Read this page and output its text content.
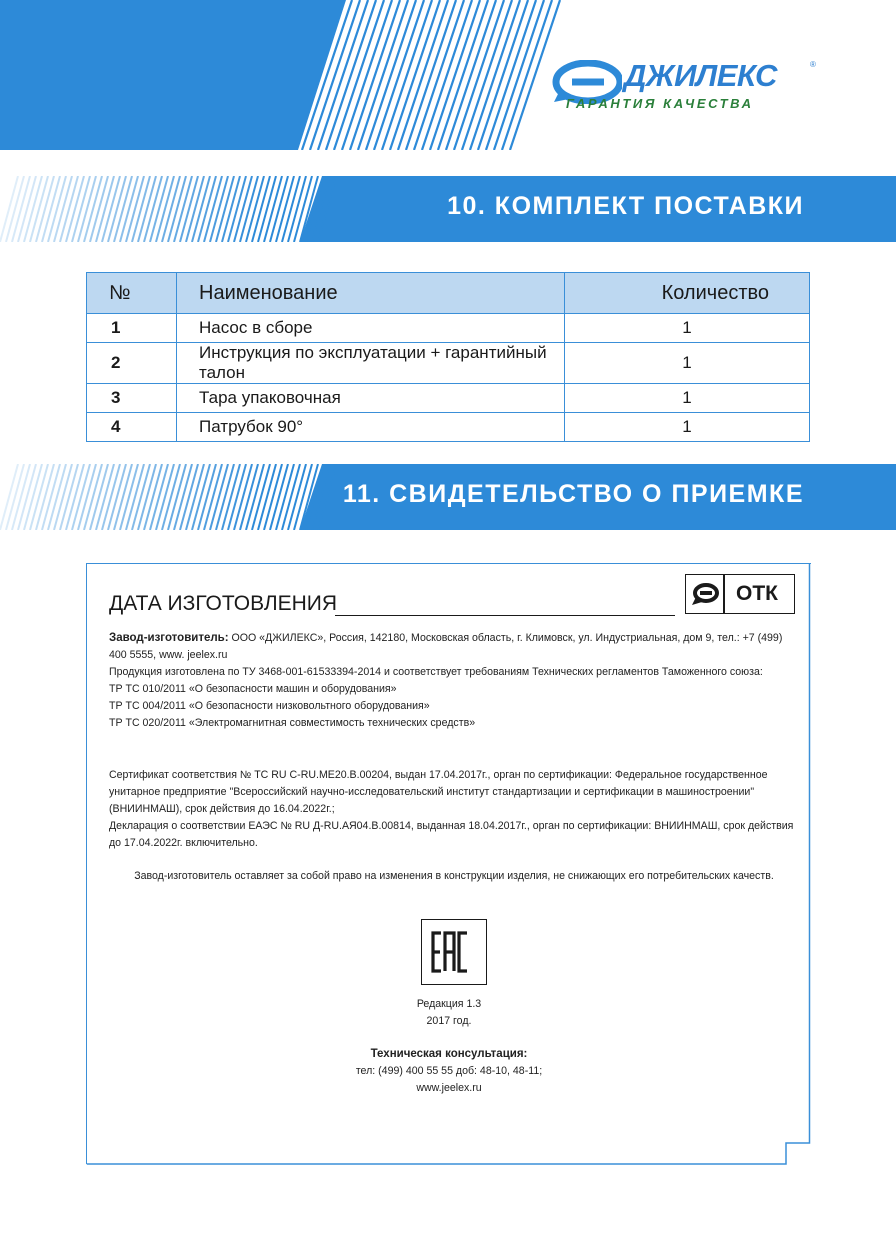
ДЖИЛЕКС	®
ГАРАНТИЯ КАЧЕСТВА
10. КОМПЛЕКТ ПОСТАВКИ
№	Наименование	Количество
1	Насос в сборе	1
2	Инструкция по эксплуатации + гарантийный талон	1
3	Тара упаковочная	1
4	Патрубок 90°	1
11. СВИДЕТЕЛЬСТВО О ПРИЕМКЕ
ДАТА ИЗГОТОВЛЕНИЯ	ОТК
Завод-изготовитель: ООО «ДЖИЛЕКС», Россия, 142180, Московская область, г. Климовск, ул. Индустриальная, дом 9, тел.: +7 (499) 400 5555, www. jeelex.ru
Продукция изготовлена по ТУ 3468-001-61533394-2014 и соответствует требованиям Технических регламентов Таможенного союза:
ТР ТС 010/2011 «О безопасности машин и оборудования»
ТР ТС 004/2011 «О безопасности низковольтного оборудования»
ТР ТС 020/2011 «Электромагнитная совместимость технических средств»
Сертификат соответствия № TC RU C-RU.МЕ20.В.00204, выдан 17.04.2017г., орган по сертификации: Федеральное государственное унитарное предприятие "Всероссийский научно-исследовательский институт стандартизации и сертификации в машиностроении" (ВНИИНМАШ), срок действия до 16.04.2022г.;
Декларация о соответствии ЕАЭС № RU Д-RU.АЯ04.В.00814, выданная 18.04.2017г., орган по сертификации: ВНИИНМАШ, срок действия до 17.04.2022г. включительно.
Завод-изготовитель оставляет за собой право на изменения в конструкции изделия, не снижающих его потребительских качеств.
Редакция 1.3
2017 год.
Техническая консультация:
тел: (499) 400 55 55 доб: 48-10, 48-11;
www.jeelex.ru
